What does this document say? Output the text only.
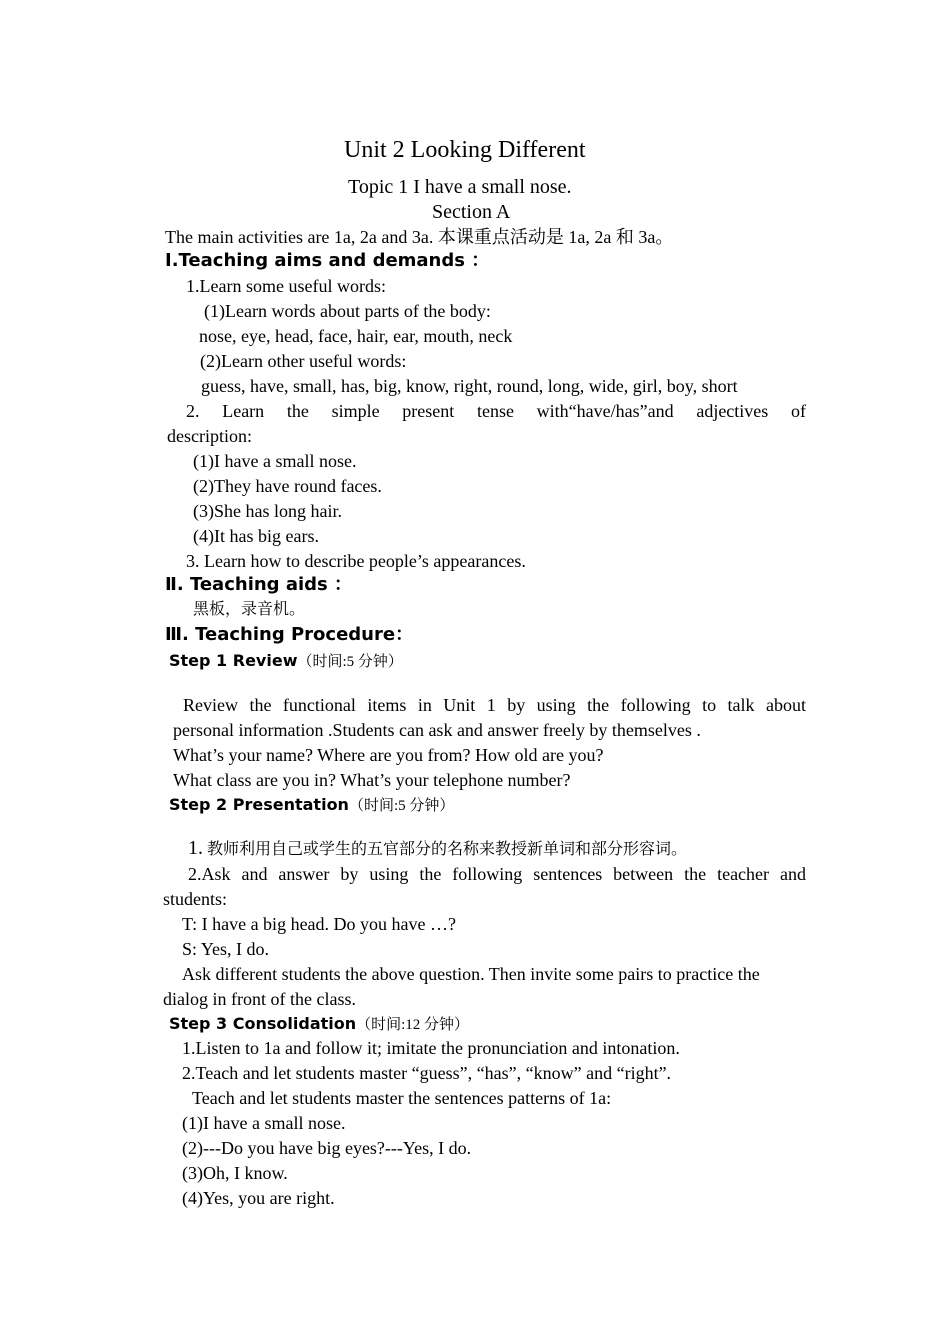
Unit 2 Looking Different
Topic 1 I have a small nose.
Section A
The main activities are 1a, 2a and 3a. 本课重点活动是 1a, 2a 和 3a。
Ⅰ.Teaching aims and demands ：
1.Learn some useful words:
(1)Learn words about parts of the body:
nose, eye, head, face, hair, ear, mouth, neck
(2)Learn other useful words:
guess, have, small, has, big, know, right, round, long, wide, girl, boy, short
2. Learn the simple present tense with“have/has”and adjectives of
description:
(1)I have a small nose.
(2)They have round faces.
(3)She has long hair.
(4)It has big ears.
3. Learn how to describe people’s appearances.
Ⅱ. Teaching aids ：
黑板，录音机。
Ⅲ. Teaching Procedure：
Step 1 Review（时间:5 分钟）
Review the functional items in Unit 1 by using the following to talk about
personal information .Students can ask and answer freely by themselves .
What’s your name? Where are you from? How old are you?
What class are you in? What’s your telephone number?
Step 2 Presentation（时间:5 分钟）
1. 教师利用自己或学生的五官部分的名称来教授新单词和部分形容词。
2.Ask and answer by using the following sentences between the teacher and
students:
T: I have a big head. Do you have …?
S: Yes, I do.
Ask different students the above question. Then invite some pairs to practice the
dialog in front of the class.
Step 3 Consolidation（时间:12 分钟）
1.Listen to 1a and follow it; imitate the pronunciation and intonation.
2.Teach and let students master “guess”, “has”, “know” and “right”.
Teach and let students master the sentences patterns of 1a:
(1)I have a small nose.
(2)---Do you have big eyes?---Yes, I do.
(3)Oh, I know.
(4)Yes, you are right.
